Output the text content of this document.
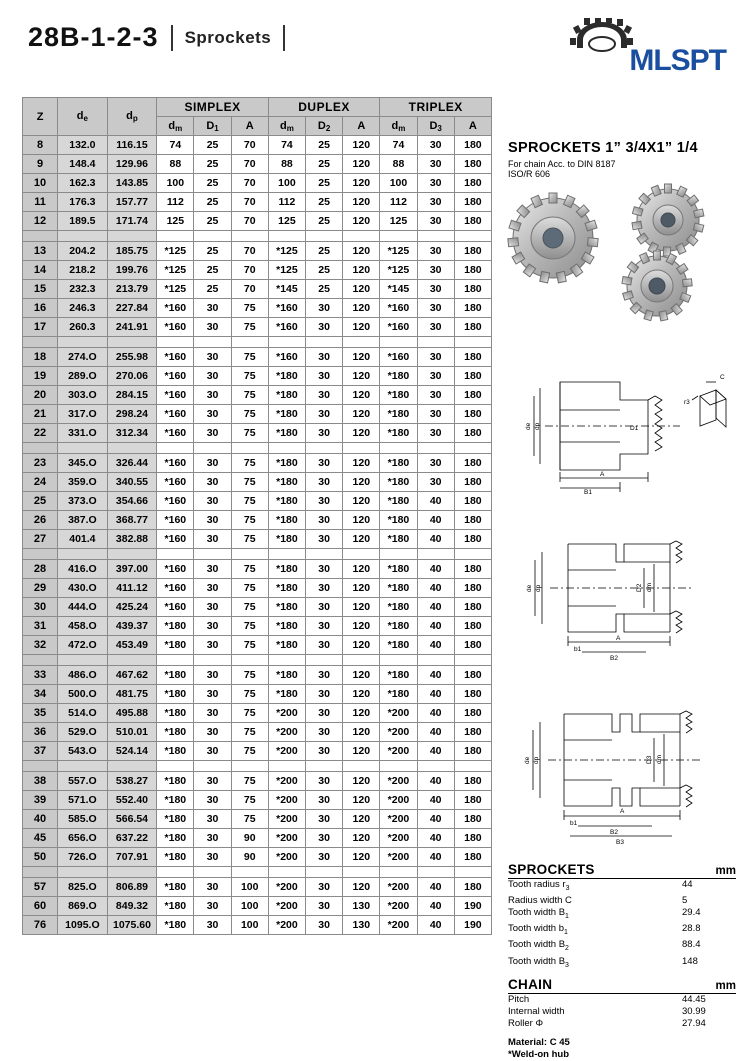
28B-1-2-3 Sprockets
MLSPT
Z	$d_e$	$d_p$	SIMPLEX			DUPLEX			TRIPLEX		
			$d_m$	$D_1$	A	$d_m$	$D_2$	A	$d_m$	$D_3$	A
8	132.0	116.15	74	25	70	74	25	120	74	30	180
9	148.4	129.96	88	25	70	88	25	120	88	30	180
10	162.3	143.85	100	25	70	100	25	120	100	30	180
11	176.3	157.77	112	25	70	112	25	120	112	30	180
12	189.5	171.74	125	25	70	125	25	120	125	30	180

13	204.2	185.75	*125	25	70	*125	25	120	*125	30	180
14	218.2	199.76	*125	25	70	*125	25	120	*125	30	180
15	232.3	213.79	*125	25	70	*145	25	120	*145	30	180
16	246.3	227.84	*160	30	75	*160	30	120	*160	30	180
17	260.3	241.91	*160	30	75	*160	30	120	*160	30	180

18	274.O	255.98	*160	30	75	*160	30	120	*160	30	180
19	289.O	270.06	*160	30	75	*180	30	120	*180	30	180
20	303.O	284.15	*160	30	75	*180	30	120	*180	30	180
21	317.O	298.24	*160	30	75	*180	30	120	*180	30	180
22	331.O	312.34	*160	30	75	*180	30	120	*180	30	180

23	345.O	326.44	*160	30	75	*180	30	120	*180	30	180
24	359.O	340.55	*160	30	75	*180	30	120	*180	30	180
25	373.O	354.66	*160	30	75	*180	30	120	*180	40	180
26	387.O	368.77	*160	30	75	*180	30	120	*180	40	180
27	401.4	382.88	*160	30	75	*180	30	120	*180	40	180

28	416.O	397.00	*160	30	75	*180	30	120	*180	40	180
29	430.O	411.12	*160	30	75	*180	30	120	*180	40	180
30	444.O	425.24	*160	30	75	*180	30	120	*180	40	180
31	458.O	439.37	*180	30	75	*180	30	120	*180	40	180
32	472.O	453.49	*180	30	75	*180	30	120	*180	40	180

33	486.O	467.62	*180	30	75	*180	30	120	*180	40	180
34	500.O	481.75	*180	30	75	*180	30	120	*180	40	180
35	514.O	495.88	*180	30	75	*200	30	120	*200	40	180
36	529.O	510.01	*180	30	75	*200	30	120	*200	40	180
37	543.O	524.14	*180	30	75	*200	30	120	*200	40	180

38	557.O	538.27	*180	30	75	*200	30	120	*200	40	180
39	571.O	552.40	*180	30	75	*200	30	120	*200	40	180
40	585.O	566.54	*180	30	75	*200	30	120	*200	40	180
45	656.O	637.22	*180	30	90	*200	30	120	*200	40	180
50	726.O	707.91	*180	30	90	*200	30	120	*200	40	180

57	825.O	806.89	*180	30	100	*200	30	120	*200	40	180
60	869.O	849.32	*180	30	100	*200	30	130	*200	40	190
76	1095.O	1075.60	*180	30	100	*200	30	130	*200	40	190
SPROCKETS 1” 3/4X1” 1/4
For chain Acc. to DIN 8187
ISO/R 606
C
r3
D1
de dp
B1
A
de dp	D2 dm
b1
B2
A
de dp	D3 dm
b1
B2
B3
A
SPROCKETS	mm
Tooth radius $r_3$	44
Radius width C	5
Tooth width $B_1$	29.4
Tooth width $b_1$	28.8
Tooth width $B_2$	88.4
Tooth width $B_3$	148
CHAIN	mm
Pitch	44.45
Internal width	30.99
Roller Φ	27.94
Material: C 45
*Weld-on hub
